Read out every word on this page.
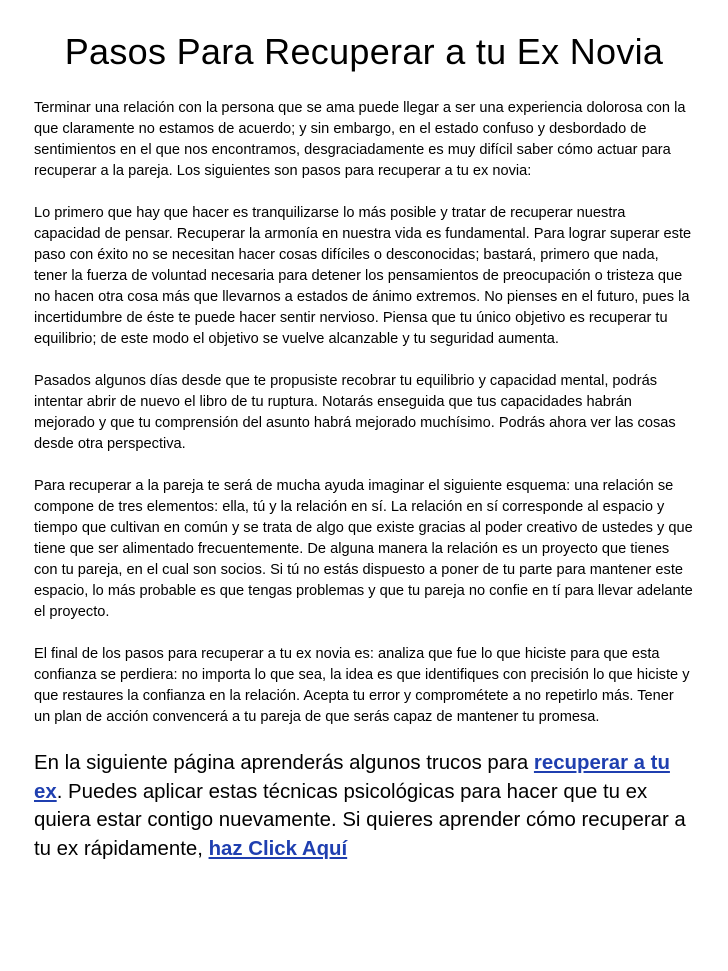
Pasos Para Recuperar a tu Ex Novia

Terminar una relación con la persona que se ama puede llegar a ser una experiencia dolorosa con la que claramente no estamos de acuerdo; y sin embargo, en el estado confuso y desbordado de sentimientos en el que nos encontramos, desgraciadamente es muy difícil saber cómo actuar para recuperar a la pareja. Los siguientes son pasos para recuperar a tu ex novia:

Lo primero que hay que hacer es tranquilizarse lo más posible y tratar de recuperar nuestra capacidad de pensar. Recuperar la armonía en nuestra vida es fundamental. Para lograr superar este paso con éxito no se necesitan hacer cosas difíciles o desconocidas; bastará, primero que nada, tener la fuerza de voluntad necesaria para detener los pensamientos de preocupación o tristeza que no hacen otra cosa más que llevarnos a estados de ánimo extremos. No pienses en el futuro, pues la incertidumbre de éste te puede hacer sentir nervioso. Piensa que tu único objetivo es recuperar tu equilibrio; de este modo el objetivo se vuelve alcanzable y tu seguridad aumenta.

Pasados algunos días desde que te propusiste recobrar tu equilibrio y capacidad mental, podrás intentar abrir de nuevo el libro de tu ruptura. Notarás enseguida que tus capacidades habrán mejorado y que tu comprensión del asunto habrá mejorado muchísimo. Podrás ahora ver las cosas desde otra perspectiva.

Para recuperar a la pareja te será de mucha ayuda imaginar el siguiente esquema: una relación se compone de tres elementos: ella, tú y la relación en sí. La relación en sí corresponde al espacio y tiempo que cultivan en común y se trata de algo que existe gracias al poder creativo de ustedes y que tiene que ser alimentado frecuentemente. De alguna manera la relación es un proyecto que tienes con tu pareja, en el cual son socios. Si tú no estás dispuesto a poner de tu parte para mantener este espacio, lo más probable es que tengas problemas y que tu pareja no confie en tí para llevar adelante el proyecto.

El final de los pasos para recuperar a tu ex novia es: analiza que fue lo que hiciste para que esta confianza se perdiera: no importa lo que sea, la idea es que identifiques con precisión lo que hiciste y que restaures la confianza en la relación. Acepta tu error y comprométete a no repetirlo más. Tener un plan de acción convencerá a tu pareja de que serás capaz de mantener tu promesa.

En la siguiente página aprenderás algunos trucos para recuperar a tu ex. Puedes aplicar estas técnicas psicológicas para hacer que tu ex quiera estar contigo nuevamente. Si quieres aprender cómo recuperar a tu ex rápidamente, haz Click Aquí
